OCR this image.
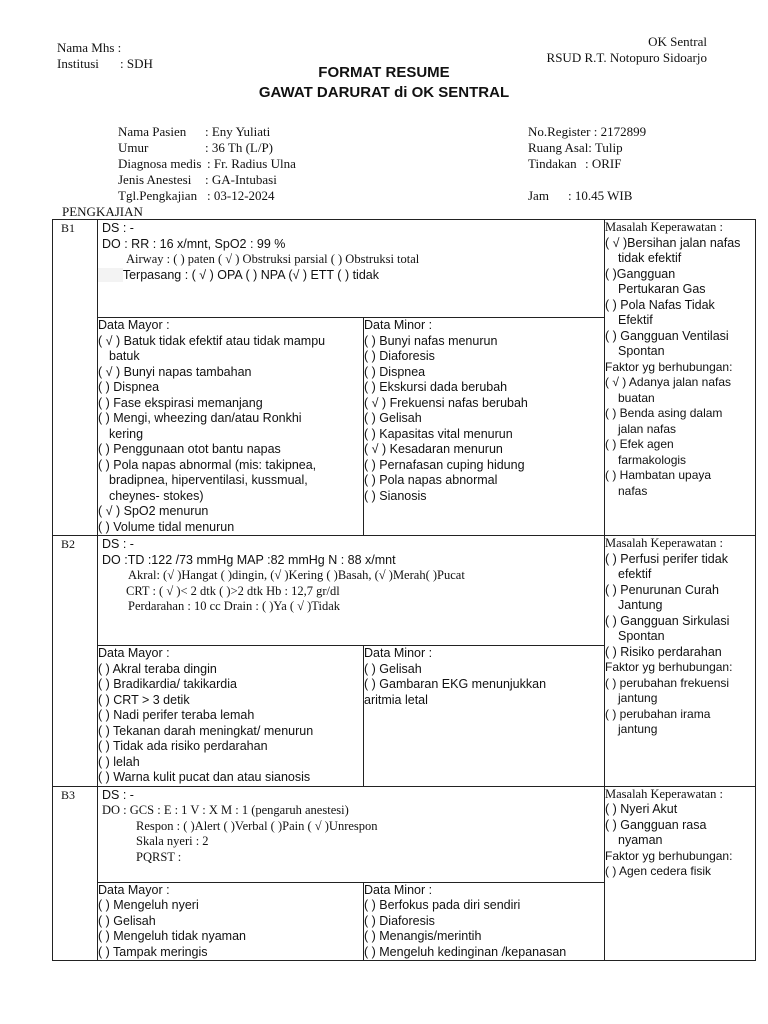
Nama Mhs :
Institusi : SDH
OK Sentral
RSUD R.T. Notopuro Sidoarjo
FORMAT RESUME
GAWAT DARURAT di OK SENTRAL
Nama Pasien : Eny Yuliati
Umur	: 36 Th (L/P)
Diagnosa medis : Fr. Radius Ulna
Jenis Anestesi : GA-Intubasi
Tgl.Pengkajian : 03-12-2024
No.Register : 2172899
Ruang Asal: Tulip
Tindakan : ORIF
Jam : 10.45 WIB
PENGKAJIAN
B1	DS : -
DO : RR : 16 x/mnt, SpO2 : 99 %
Airway : ( ) paten ( √ ) Obstruksi parsial ( ) Obstruksi total
Terpasang : ( √ ) OPA ( ) NPA (√ ) ETT ( ) tidak
Data Mayor :
( √ ) Batuk tidak efektif atau tidak mampu
batuk
( √ ) Bunyi napas tambahan
( ) Dispnea
( ) Fase ekspirasi memanjang
( ) Mengi, wheezing dan/atau Ronkhi
kering
( ) Penggunaan otot bantu napas
( ) Pola napas abnormal (mis: takipnea,
bradipnea, hiperventilasi, kussmual,
cheynes- stokes)
( √ ) SpO2 menurun
( ) Volume tidal menurun

Data Minor :
( ) Bunyi nafas menurun
( ) Diaforesis
( ) Dispnea
( ) Ekskursi dada berubah
( √ ) Frekuensi nafas berubah
( ) Gelisah
( ) Kapasitas vital menurun
( √ ) Kesadaran menurun
( ) Pernafasan cuping hidung
( ) Pola napas abnormal
( ) Sianosis

Masalah Keperawatan :
( √ )Bersihan jalan nafas
tidak efektif
( )Gangguan
Pertukaran Gas
( ) Pola Nafas Tidak
Efektif
( ) Gangguan Ventilasi
Spontan
Faktor yg berhubungan:
( √ ) Adanya jalan nafas
buatan
( ) Benda asing dalam
jalan nafas
( ) Efek agen
farmakologis
( ) Hambatan upaya
nafas

B2	DS : -
DO :TD :122 /73 mmHg MAP :82 mmHg N : 88 x/mnt
Akral: (√ )Hangat ( )dingin, (√ )Kering ( )Basah, (√ )Merah( )Pucat
CRT : ( √ )< 2 dtk ( )>2 dtk Hb : 12,7 gr/dl
Perdarahan : 10 cc Drain : ( )Ya ( √ )Tidak
Data Mayor :
( ) Akral teraba dingin
( ) Bradikardia/ takikardia
( ) CRT > 3 detik
( ) Nadi perifer teraba lemah
( ) Tekanan darah meningkat/ menurun
( ) Tidak ada risiko perdarahan
( ) lelah
( ) Warna kulit pucat dan atau sianosis

Data Minor :
( ) Gelisah
( ) Gambaran EKG menunjukkan
aritmia letal

Masalah Keperawatan :
( ) Perfusi perifer tidak
efektif
( ) Penurunan Curah
Jantung
( ) Gangguan Sirkulasi
Spontan
( ) Risiko perdarahan
Faktor yg berhubungan:
( ) perubahan frekuensi
jantung
( ) perubahan irama
jantung

B3	DS : -
DO : GCS : E : 1 V : X M : 1 (pengaruh anestesi)
Respon : ( )Alert ( )Verbal ( )Pain ( √ )Unrespon
Skala nyeri : 2
PQRST :
Data Mayor :
( ) Mengeluh nyeri
( ) Gelisah
( ) Mengeluh tidak nyaman
( ) Tampak meringis

Data Minor :
( ) Berfokus pada diri sendiri
( ) Diaforesis
( ) Menangis/merintih
( ) Mengeluh kedinginan /kepanasan

Masalah Keperawatan :
( ) Nyeri Akut
( ) Gangguan rasa
nyaman
Faktor yg berhubungan:
( ) Agen cedera fisik
